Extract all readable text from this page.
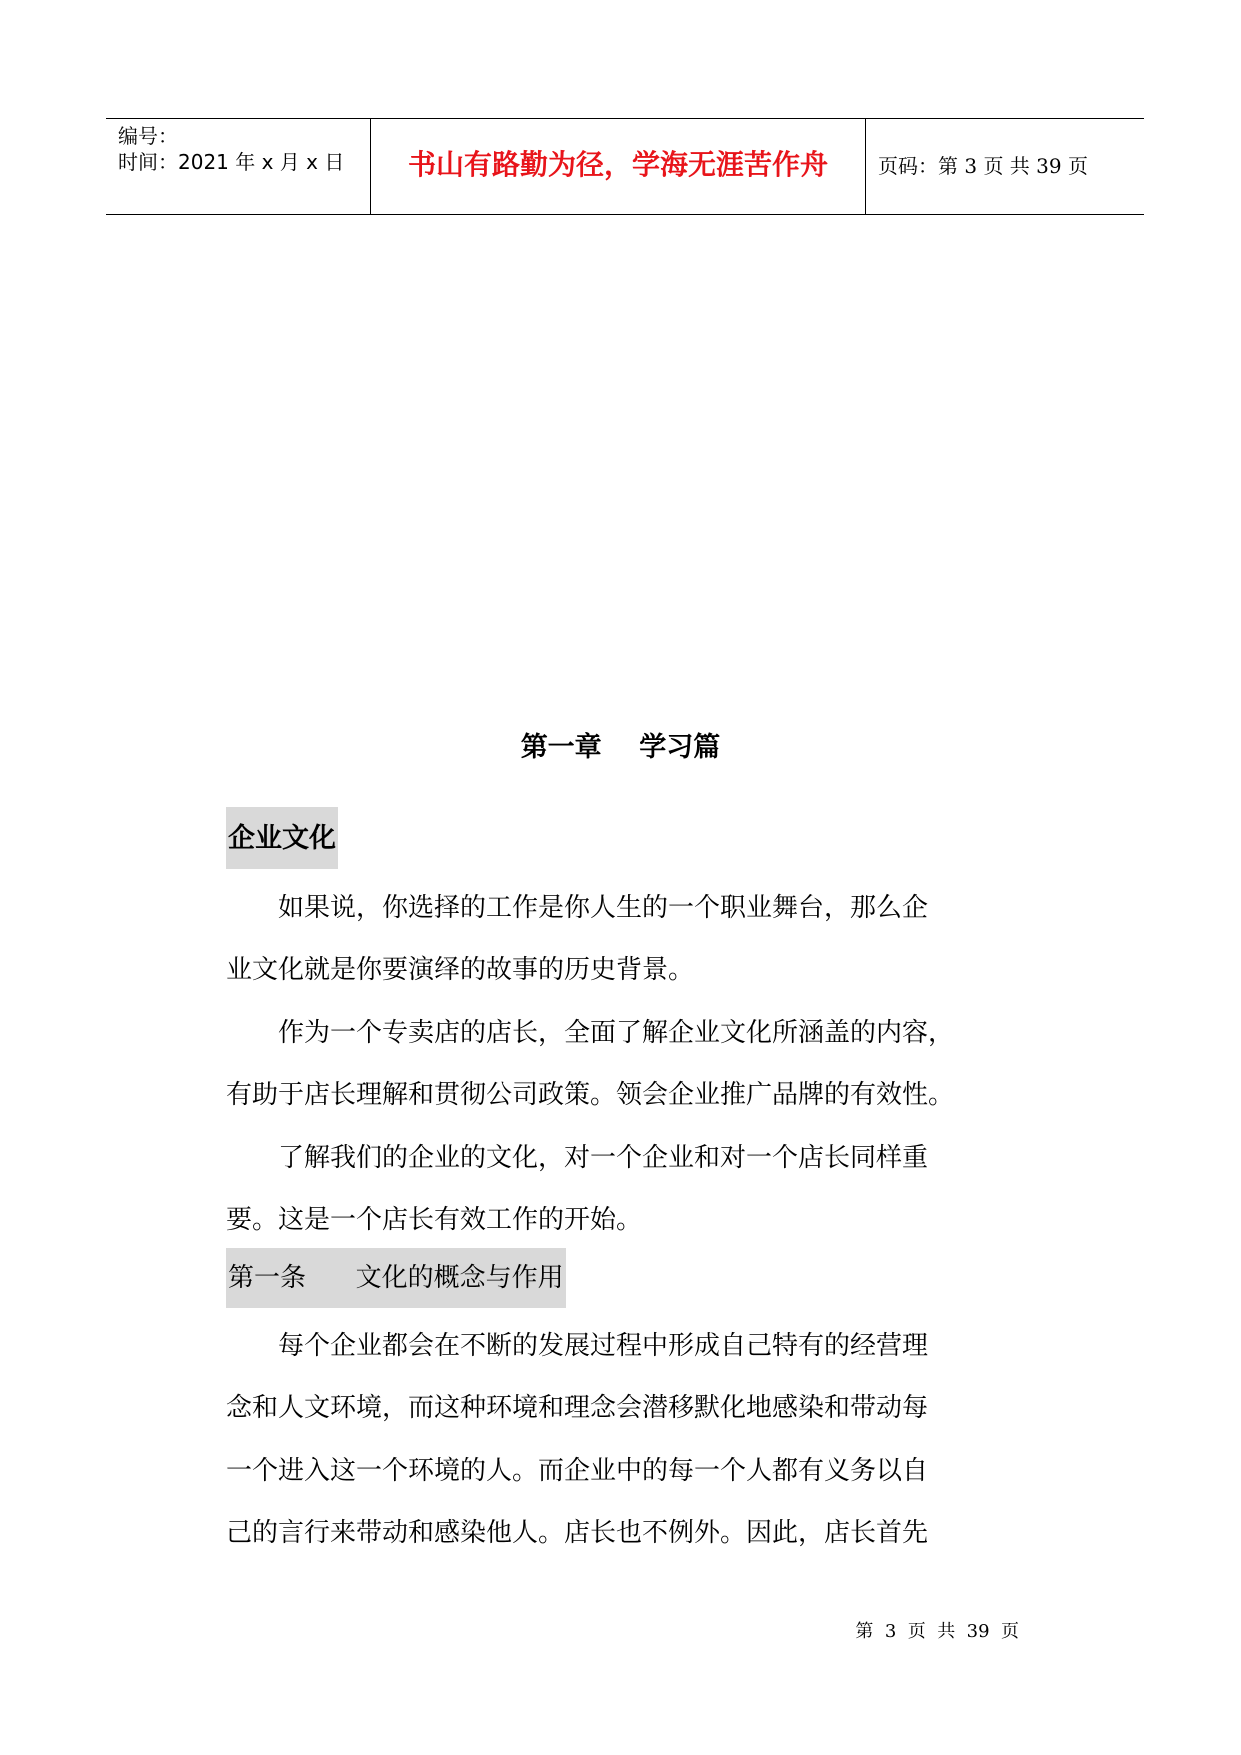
编号：
时间：2021 年 x 月 x 日	书山有路勤为径，学海无涯苦作舟	页码：第 3 页 共 39 页
第一章    学习篇
企业文化
　　如果说，你选择的工作是你人生的一个职业舞台，那么企
业文化就是你要演绎的故事的历史背景。
　　作为一个专卖店的店长，全面了解企业文化所涵盖的内容，
有助于店长理解和贯彻公司政策。领会企业推广品牌的有效性。
　　了解我们的企业的文化，对一个企业和对一个店长同样重
要。这是一个店长有效工作的开始。
第一条      文化的概念与作用
　　每个企业都会在不断的发展过程中形成自己特有的经营理
念和人文环境，而这种环境和理念会潜移默化地感染和带动每
一个进入这一个环境的人。而企业中的每一个人都有义务以自
己的言行来带动和感染他人。店长也不例外。因此，店长首先
第  3  页  共  39  页
